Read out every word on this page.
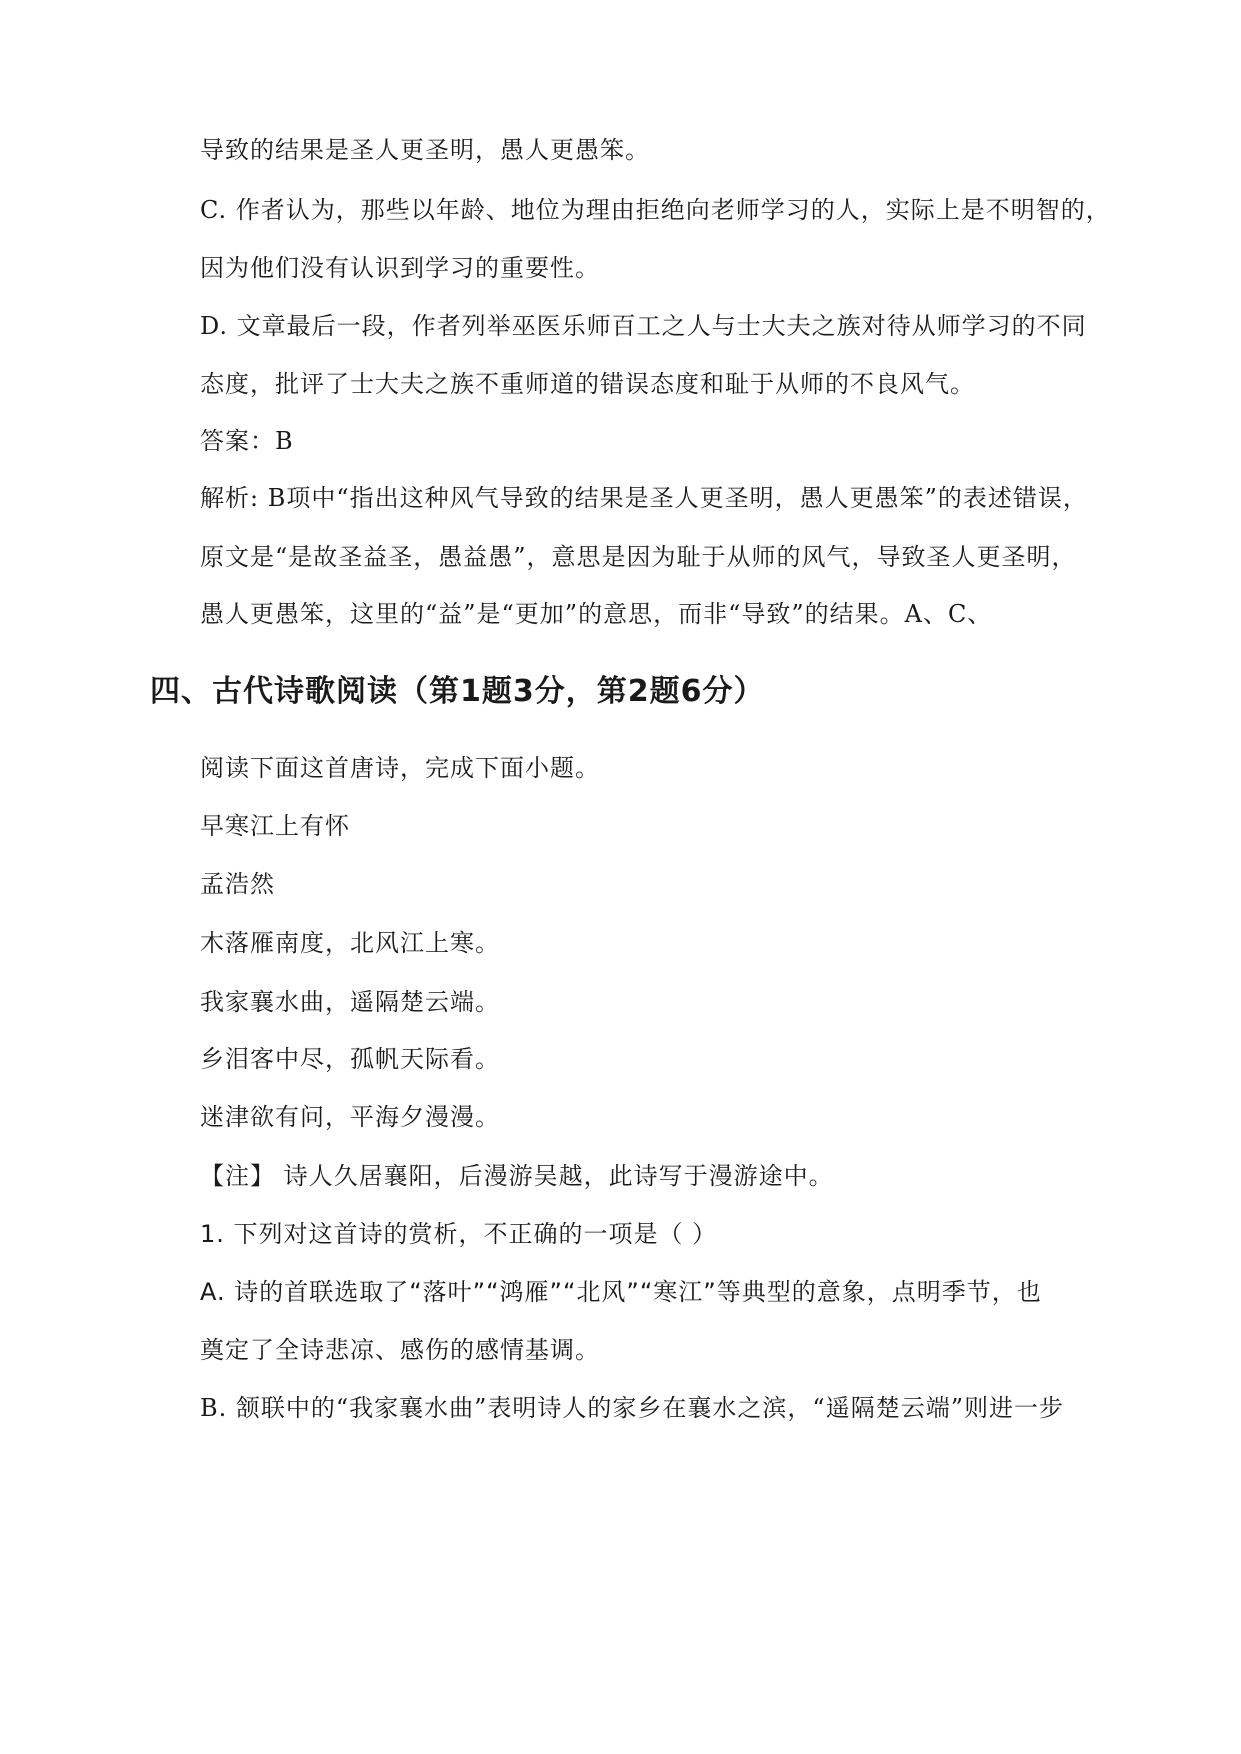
导致的结果是圣人更圣明，愚人更愚笨。
C. 作者认为，那些以年龄、地位为理由拒绝向老师学习的人，实际上是不明智的，
因为他们没有认识到学习的重要性。
D. 文章最后一段，作者列举巫医乐师百工之人与士大夫之族对待从师学习的不同
态度，批评了士大夫之族不重师道的错误态度和耻于从师的不良风气。
答案：B
解析: B项中“指出这种风气导致的结果是圣人更圣明，愚人更愚笨”的表述错误，
原文是“是故圣益圣，愚益愚”，意思是因为耻于从师的风气，导致圣人更圣明，
愚人更愚笨，这里的“益”是“更加”的意思，而非“导致”的结果。A、C、
四、古代诗歌阅读（第1题3分，第2题6分）
阅读下面这首唐诗，完成下面小题。
早寒江上有怀
孟浩然
木落雁南度，北风江上寒。
我家襄水曲，遥隔楚云端。
乡泪客中尽，孤帆天际看。
迷津欲有问，平海夕漫漫。
【注】 诗人久居襄阳，后漫游吴越，此诗写于漫游途中。
1. 下列对这首诗的赏析，不正确的一项是（ ）
A. 诗的首联选取了“落叶”“鸿雁”“北风”“寒江”等典型的意象，点明季节，也
奠定了全诗悲凉、感伤的感情基调。
B. 颔联中的“我家襄水曲”表明诗人的家乡在襄水之滨，“遥隔楚云端”则进一步
